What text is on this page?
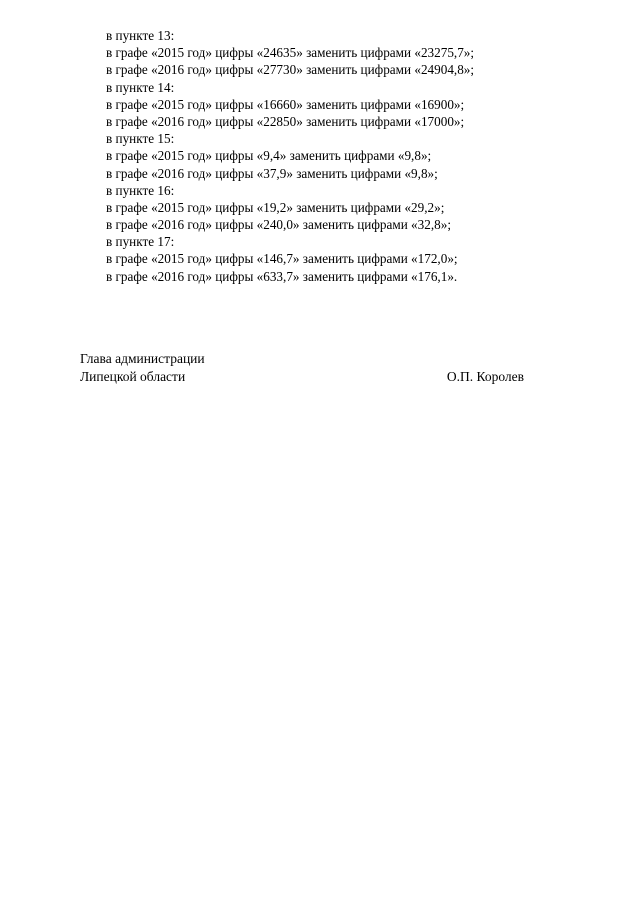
в пункте 13:
в графе «2015 год» цифры «24635» заменить цифрами «23275,7»;
в графе «2016 год» цифры «27730» заменить цифрами «24904,8»;
в пункте 14:
в графе «2015 год» цифры «16660» заменить цифрами «16900»;
в графе «2016 год» цифры «22850» заменить цифрами «17000»;
в пункте 15:
в графе «2015 год» цифры «9,4» заменить цифрами «9,8»;
в графе «2016 год» цифры «37,9» заменить цифрами «9,8»;
в пункте 16:
в графе «2015 год» цифры «19,2» заменить цифрами «29,2»;
в графе «2016 год» цифры «240,0» заменить цифрами «32,8»;
в пункте 17:
в графе «2015 год» цифры «146,7» заменить цифрами «172,0»;
в графе «2016 год» цифры «633,7» заменить цифрами «176,1».
Глава администрации
Липецкой области	О.П. Королев
